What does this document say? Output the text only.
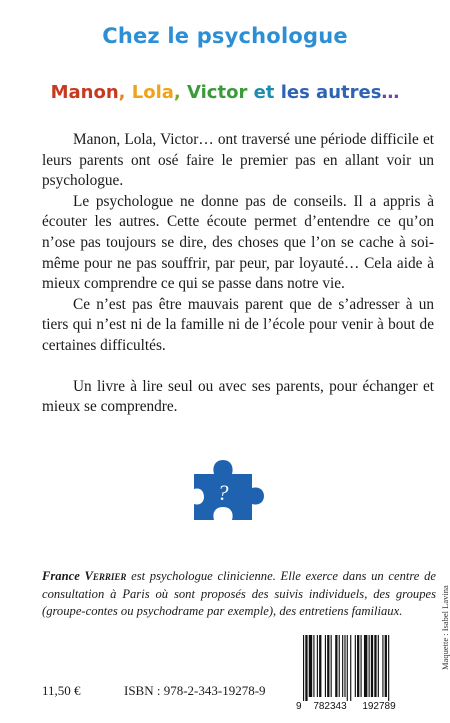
Chez le psychologue
Manon, Lola, Victor et les autres…

Manon, Lola, Victor… ont traversé une période difficile et leurs parents ont osé faire le premier pas en allant voir un psychologue.

Le psychologue ne donne pas de conseils. Il a appris à écouter les autres. Cette écoute permet d’entendre ce qu’on n’ose pas toujours se dire, des choses que l’on se cache à soi-même pour ne pas souffrir, par peur, par loyauté… Cela aide à mieux comprendre ce qui se passe dans notre vie.

Ce n’est pas être mauvais parent que de s’adresser à un tiers qui n’est ni de la famille ni de l’école pour venir à bout de certaines difficultés.

Un livre à lire seul ou avec ses parents, pour échanger et mieux se comprendre.

?
France Verrier est psychologue clinicienne. Elle exerce dans un centre de consultation à Paris où sont proposés des suivis individuels, des groupes (groupe-contes ou psychodrame par exemple), des entretiens familiaux.
9 782343 192789
11,50 €	ISBN : 978-2-343-19278-9
Maquette : Isabel Lavina
